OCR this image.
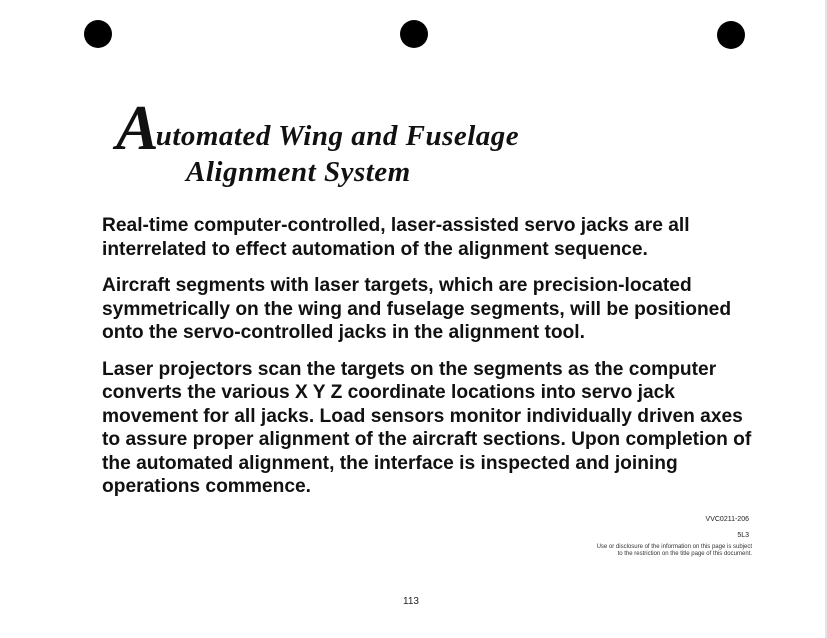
Automated Wing and Fuselage
Alignment System

Real-time computer-controlled, laser-assisted servo jacks are all interrelated to effect automation of the alignment sequence.

Aircraft segments with laser targets, which are precision-located symmetrically on the wing and fuselage segments, will be positioned onto the servo-controlled jacks in the alignment tool.

Laser projectors scan the targets on the segments as the computer converts the various X Y Z coordinate locations into servo jack movement for all jacks. Load sensors monitor individually driven axes to assure proper alignment of the aircraft sections. Upon completion of the automated alignment, the interface is inspected and joining operations commence.

VVC0211-206
5L3
Use or disclosure of the information on this page is subject
to the restriction on the title page of this document.
113
